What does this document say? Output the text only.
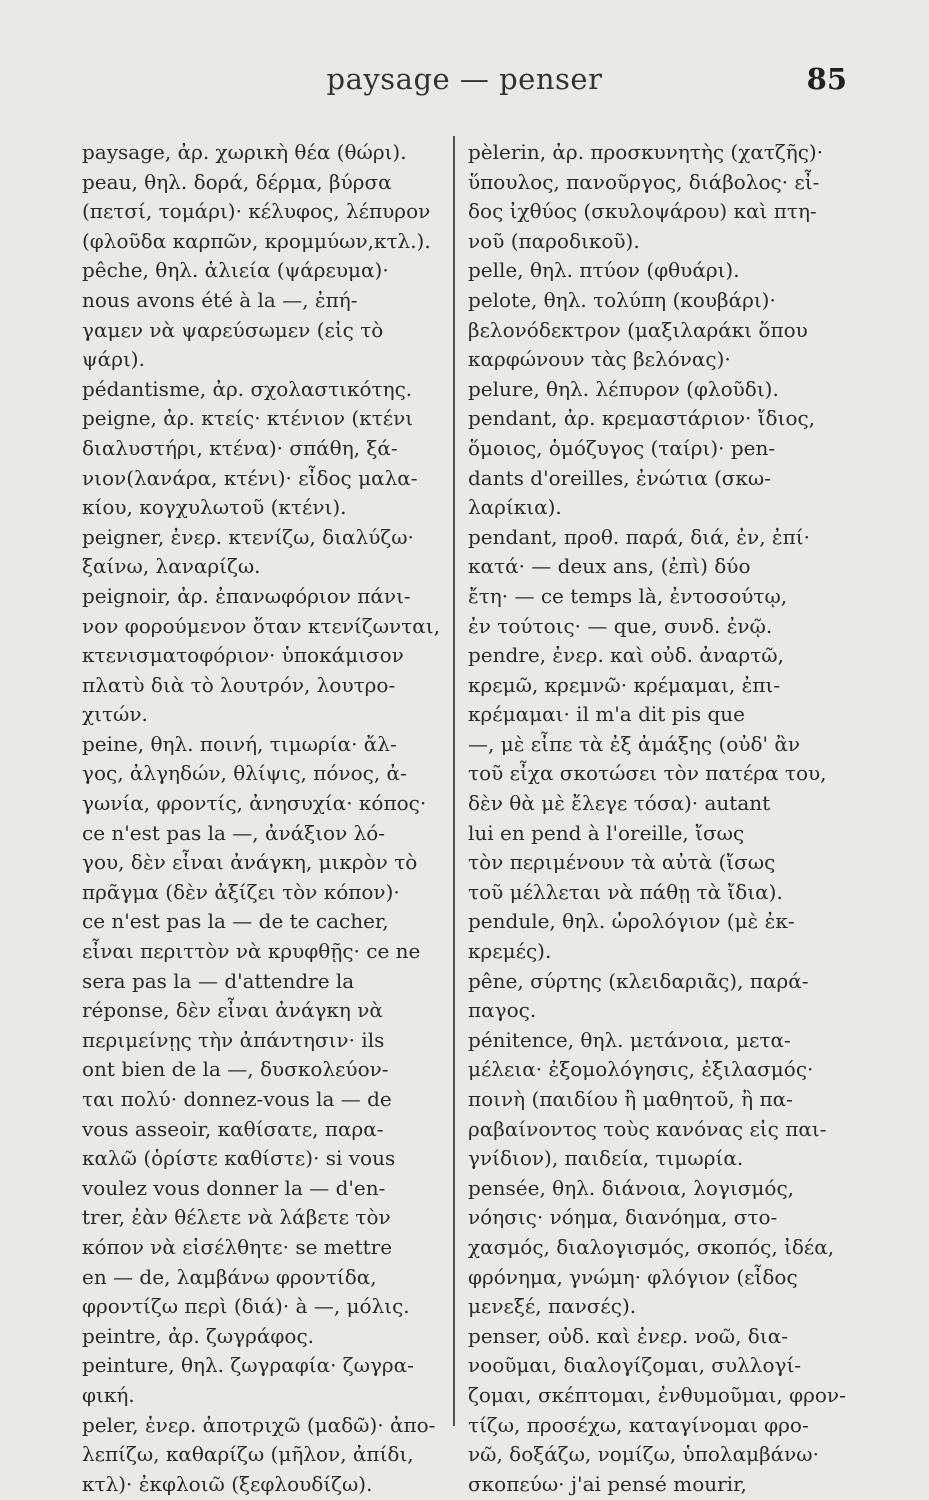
paysage — penser	85
paysage, ἀρ. χωρικὴ θέα (θώρι).
peau, θηλ. δορά, δέρμα, βύρσα
(πετσί, τομάρι)· κέλυφος, λέπυρον
(φλοῦδα καρπῶν, κρομμύων,κτλ.).
pêche, θηλ. ἁλιεία (ψάρευμα)·
nous avons été à la —, ἐπή-
γαμεν νὰ ψαρεύσωμεν (εἰς τὸ
ψάρι).
pédantisme, ἀρ. σχολαστικότης.
peigne, ἀρ. κτείς· κτένιον (κτένι
διαλυστήρι, κτένα)· σπάθη, ξά-
νιον(λανάρα, κτένι)· εἶδος μαλα-
κίου, κογχυλωτοῦ (κτένι).
peigner, ἐνερ. κτενίζω, διαλύζω·
ξαίνω, λαναρίζω.
peignoir, ἀρ. ἐπανωφόριον πάνι-
νον φορούμενον ὅταν κτενίζωνται,
κτενισματοφόριον· ὑποκάμισον
πλατὺ διὰ τὸ λουτρόν, λουτρο-
χιτών.
peine, θηλ. ποινή, τιμωρία· ἄλ-
γος, ἀλγηδών, θλίψις, πόνος, ἀ-
γωνία, φροντίς, ἀνησυχία· κόπος·
ce n'est pas la —, ἀνάξιον λό-
γου, δὲν εἶναι ἀνάγκη, μικρὸν τὸ
πρᾶγμα (δὲν ἀξίζει τὸν κόπον)·
ce n'est pas la — de te cacher,
εἶναι περιττὸν νὰ κρυφθῇς· ce ne
sera pas la — d'attendre la
réponse, δὲν εἶναι ἀνάγκη νὰ
περιμείνῃς τὴν ἀπάντησιν· ils
ont bien de la —, δυσκολεύον-
ται πολύ· donnez-vous la — de
vous asseoir, καθίσατε, παρα-
καλῶ (ὁρίστε καθίστε)· si vous
voulez vous donner la — d'en-
trer, ἐὰν θέλετε νὰ λάβετε τὸν
κόπον νὰ εἰσέλθητε· se mettre
en — de, λαμβάνω φροντίδα,
φροντίζω περὶ (διά)· à —, μόλις.
peintre, ἀρ. ζωγράφος.
peinture, θηλ. ζωγραφία· ζωγρα-
φική.
peler, ἐνερ. ἀποτριχῶ (μαδῶ)· ἀπο-
λεπίζω, καθαρίζω (μῆλον, ἀπίδι,
κτλ)· ἐκφλοιῶ (ξεφλουδίζω).
pèlerin, ἀρ. προσκυνητὴς (χατζῆς)·
ὕπουλος, πανοῦργος, διάβολος· εἶ-
δος ἰχθύος (σκυλοψάρου) καὶ πτη-
νοῦ (παροδικοῦ).
pelle, θηλ. πτύον (φθυάρι).
pelote, θηλ. τολύπη (κουβάρι)·
βελονόδεκτρον (μαξιλαράκι ὅπου
καρφώνουν τὰς βελόνας)·
pelure, θηλ. λέπυρον (φλοῦδι).
pendant, ἀρ. κρεμαστάριον· ἴδιος,
ὅμοιος, ὁμόζυγος (ταίρι)· pen-
dants d'oreilles, ἐνώτια (σκω-
λαρίκια).
pendant, προθ. παρά, διά, ἐν, ἐπί·
κατά· — deux ans, (ἐπὶ) δύο
ἔτη· — ce temps là, ἐντοσούτῳ,
ἐν τούτοις· — que, συνδ. ἐνῷ.
pendre, ἐνερ. καὶ οὐδ. ἀναρτῶ,
κρεμῶ, κρεμνῶ· κρέμαμαι, ἐπι-
κρέμαμαι· il m'a dit pis que
—, μὲ εἶπε τὰ ἐξ ἀμάξης (οὐδ' ἂν
τοῦ εἶχα σκοτώσει τὸν πατέρα του,
δὲν θὰ μὲ ἔλεγε τόσα)· autant
lui en pend à l'oreille, ἴσως
τὸν περιμένουν τὰ αὐτὰ (ἴσως
τοῦ μέλλεται νὰ πάθῃ τὰ ἴδια).
pendule, θηλ. ὡρολόγιον (μὲ ἐκ-
κρεμές).
pêne, σύρτης (κλειδαριᾶς), παρά-
παγος.
pénitence, θηλ. μετάνοια, μετα-
μέλεια· ἐξομολόγησις, ἐξιλασμός·
ποινὴ (παιδίου ἢ μαθητοῦ, ἢ πα-
ραβαίνοντος τοὺς κανόνας εἰς παι-
γνίδιον), παιδεία, τιμωρία.
pensée, θηλ. διάνοια, λογισμός,
νόησις· νόημα, διανόημα, στο-
χασμός, διαλογισμός, σκοπός, ἰδέα,
φρόνημα, γνώμη· φλόγιον (εἶδος
μενεξέ, πανσές).
penser, οὐδ. καὶ ἐνερ. νοῶ, δια-
νοοῦμαι, διαλογίζομαι, συλλογί-
ζομαι, σκέπτομαι, ἐνθυμοῦμαι, φρον-
τίζω, προσέχω, καταγίνομαι φρο-
νῶ, δοξάζω, νομίζω, ὑπολαμβάνω·
σκοπεύω· j'ai pensé mourir,
